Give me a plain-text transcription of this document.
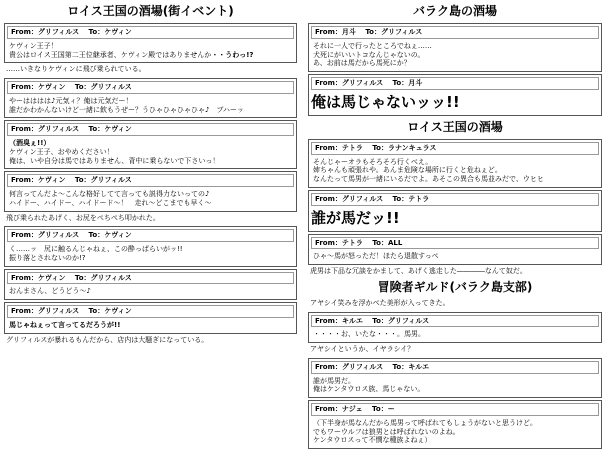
ロイス王国の酒場(街イベント)
From：グリフィルス　 To：ケヴィン
ケヴィン王子！
貴公はロイス王国第二王位継承者、ケヴィン殿ではありませんか・・うわっ!?
……いきなりケヴィンに飛び乗られている。
From：ケヴィン　 To：グリフィルス
やーはははは♪元気ィ？俺は元気だー！
誰だかわかんないけど一緒に飲もうぜー？うひゃひゃひゃひゃ♪　ブハーッ
From：グリフィルス　 To：ケヴィン
（酒臭ぇ!!）
ケヴィン王子、おやめください！
俺は、いや自分は馬ではありません、背中に乗らないで下さいっ！
From：ケヴィン　 To：グリフィルス
何言ってんだよ〜こんな格好してて言っても説得力ないっての♪
ハイドー、ハイドー、ハイドード〜！　走れ〜どこまでも早く〜
飛び乗られたあげく、お尻をぺちぺち叩かれた。
From：グリフィルス　 To：ケヴィン
く……ッ　尻に触るんじゃねぇ、この酔っぱらいがッ!!
振り落とされないのか!?
From：ケヴィン　 To：グリフィルス
おんまさん、どうどう〜♪
From：グリフィルス　 To：ケヴィン
馬じゃねぇって言ってるだろうが!!
グリフィルスが暴れるもんだから、店内は大騒ぎになっている。
バラク島の酒場
From：月斗　 To：グリフィルス
それに一人で行ったところでねぇ……
犬死にがいいトコなんじゃないの。
あ、お前は馬だから馬死にか？
From：グリフィルス　 To：月斗
俺は馬じゃないッッ!!
ロイス王国の酒場
From：テトラ　 To：ラナンキュラス
そんじゃーオラもそろそろ行くべえ。
姉ちゃんも頑張れや。あんま危険な場所に行くと危ねぇど。
なんたって馬男が一緒にいるだでよ。あそこの異合も馬並みだで、ウヒヒ
From：グリフィルス　 To：テトラ
誰が馬だッ!!
From：テトラ　 To：ALL
ひゃ〜馬が怒っただ！ほたら退散すっぺ
虎男は下品な冗談をかまして、あげく逃走した――――なんて奴だ。
冒険者ギルド(バラク島支部)
アヤシイ笑みを浮かべた美形が入ってきた。
From：キルエ　 To：グリフィルス
・・・・お、いたな・・・。馬男。
アヤシイというか、イヤラシイ？
From：グリフィルス　 To：キルエ
誰が馬男だ。
俺はケンタウロス族、馬じゃない。
From：ナジェ　 To：ー
（下半身が馬なんだから馬男って呼ばれてもしょうがないと思うけど。
でもワーウルフは狼男とは呼ばれないのよね。
ケンタウロスって不憫な種族よねぇ）
